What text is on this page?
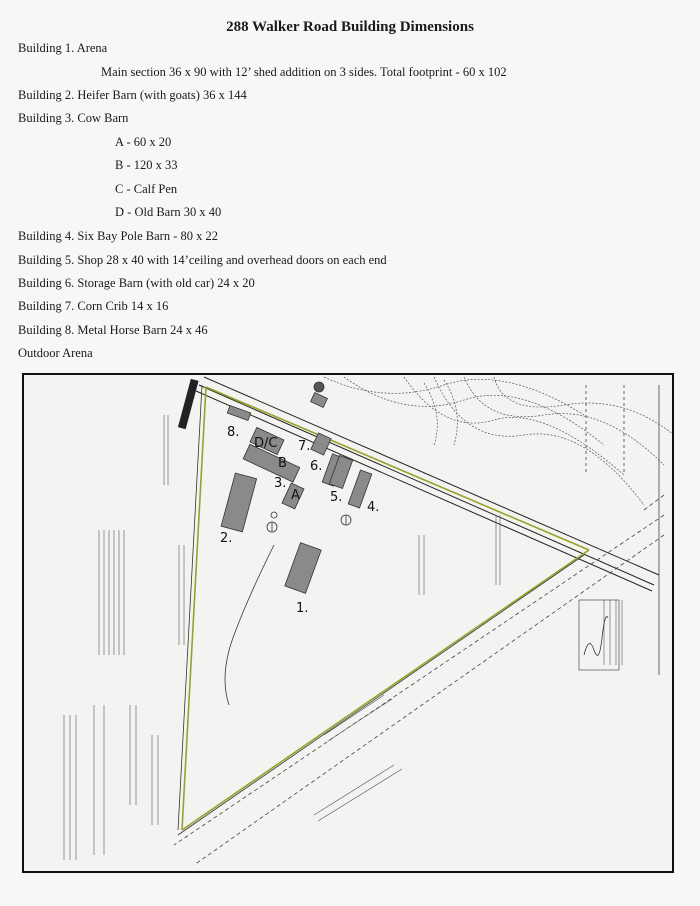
288 Walker Road Building Dimensions
Building 1. Arena
Main section 36 x 90 with 12’ shed addition on 3 sides. Total footprint - 60 x 102
Building 2. Heifer Barn (with goats) 36 x 144
Building 3. Cow Barn
A - 60 x 20
B - 120 x 33
C - Calf Pen
D - Old Barn 30 x 40
Building 4. Six Bay Pole Barn - 80 x 22
Building 5. Shop 28 x 40 with 14’ceiling and overhead doors on each end
Building 6. Storage Barn (with old car) 24 x 20
Building 7. Corn Crib 14 x 16
Building 8. Metal Horse Barn 24 x 46
Outdoor Arena
8.
D/C 7.
B 6.
3.
A 5.
4.
2.
1.
